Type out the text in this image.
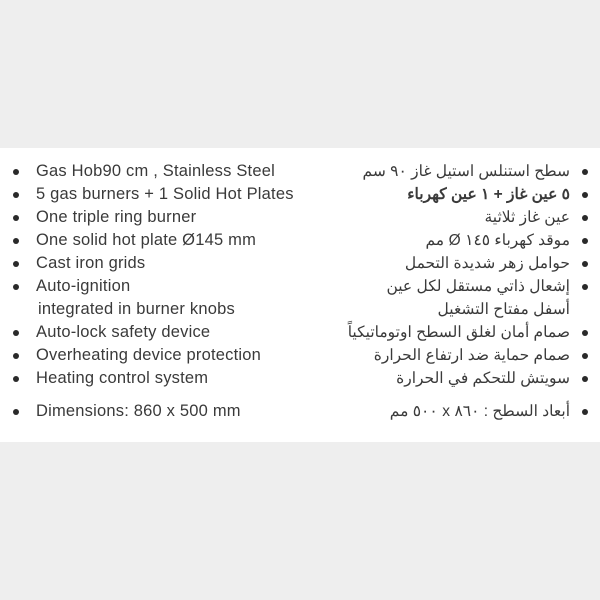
Gas Hob90 cm , Stainless Steel
5 gas burners + 1 Solid Hot Plates
One triple ring burner
One solid hot plate Ø145 mm
Cast iron grids
Auto-ignition
integrated in burner knobs
Auto-lock safety device
Overheating device protection
Heating control system
Dimensions: 860 x 500 mm
سطح استنلس استيل غاز ٩٠ سم
٥ عين غاز + ١ عين كهرباء
عين غاز ثلاثية
موقد كهرباء ١٤٥ Ø مم
حوامل زهر شديدة التحمل
إشعال ذاتي مستقل لكل عين
أسفل مفتاح التشغيل
صمام أمان لغلق السطح اوتوماتيكياً
صمام حماية ضد ارتفاع الحرارة
سويتش للتحكم في الحرارة
أبعاد السطح : ٨٦٠ x ٥٠٠ مم
